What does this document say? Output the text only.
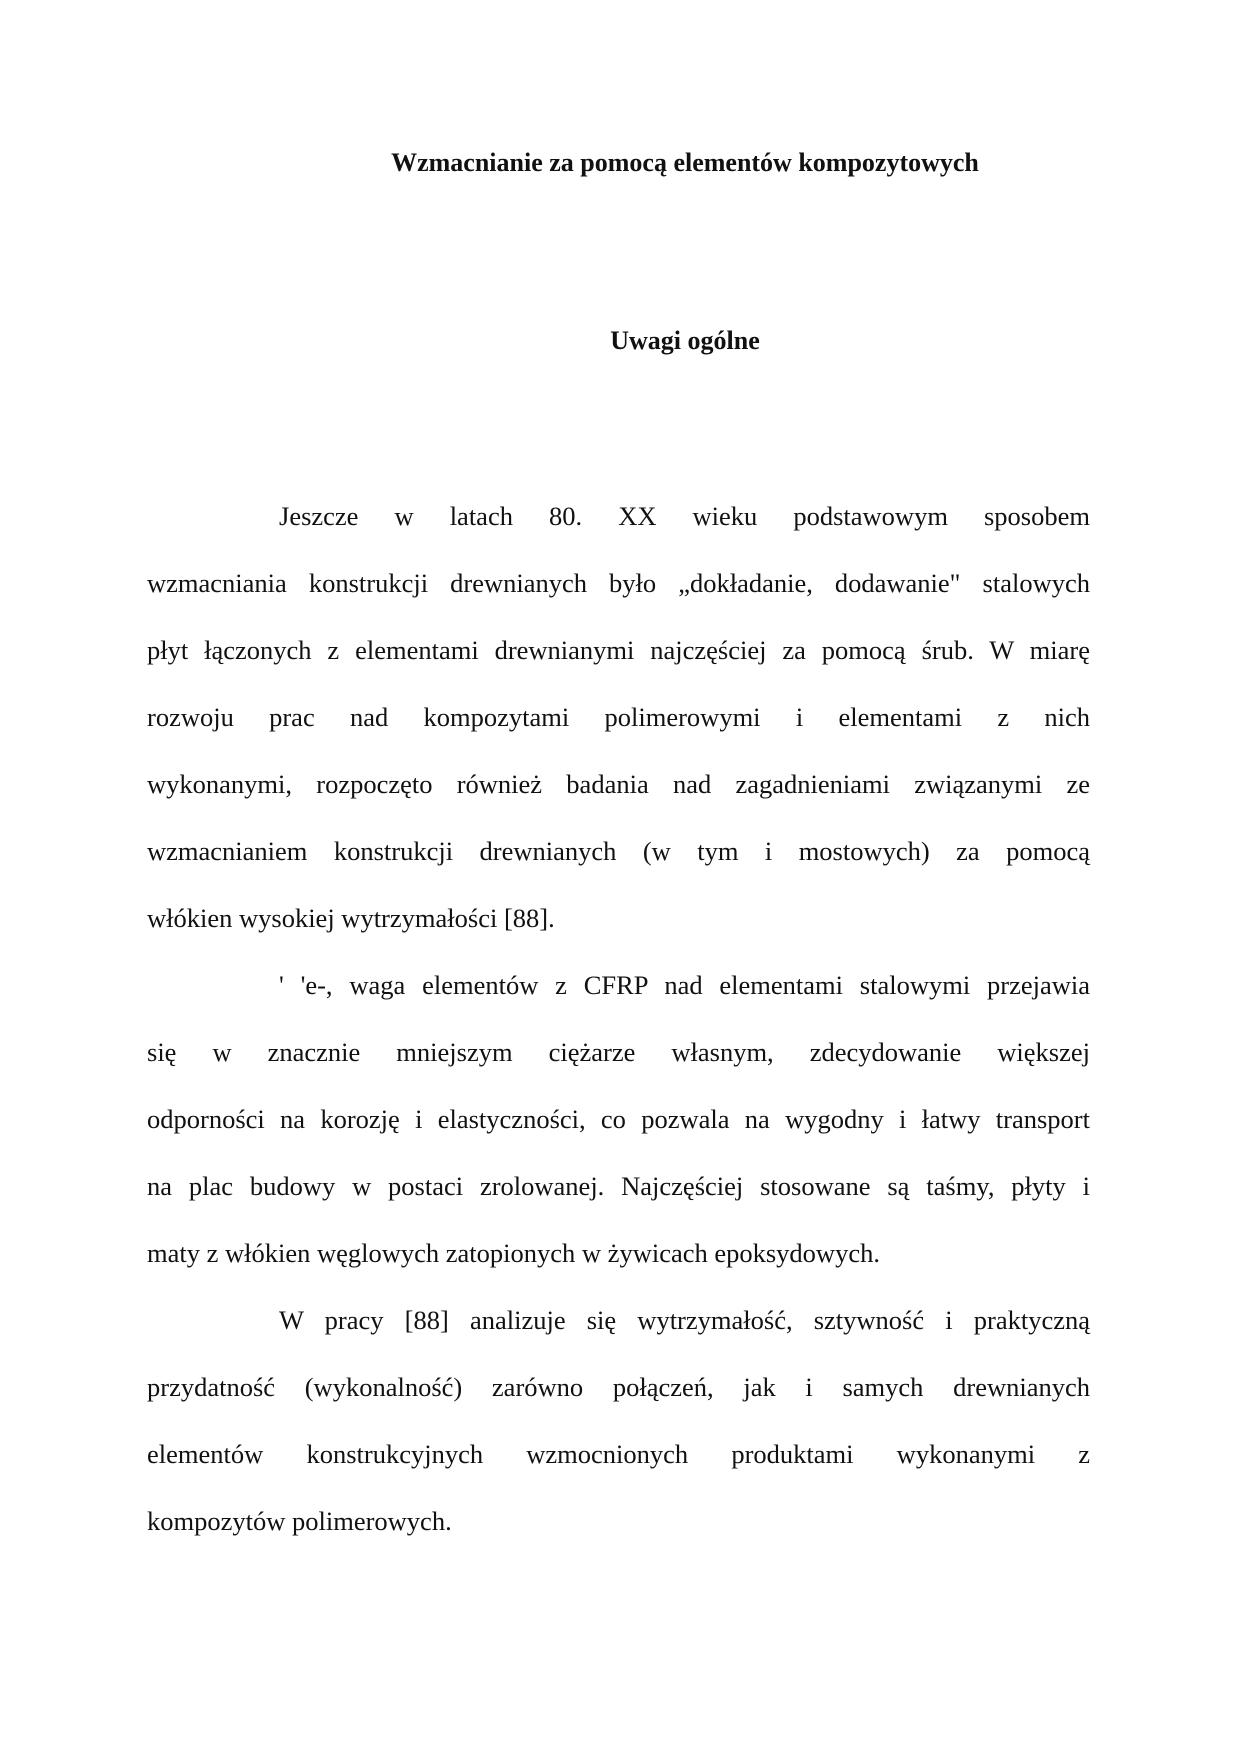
Wzmacnianie za pomocą elementów kompozytowych
Uwagi ogólne
Jeszcze w latach 80. XX wieku podstawowym sposobem
wzmacniania konstrukcji drewnianych było „dokładanie, dodawanie" stalowych
płyt łączonych z elementami drewnianymi najczęściej za pomocą śrub. W miarę
rozwoju prac nad kompozytami polimerowymi i elementami z nich
wykonanymi, rozpoczęto również badania nad zagadnieniami związanymi ze
wzmacnianiem konstrukcji drewnianych (w tym i mostowych) za pomocą
włókien wysokiej wytrzymałości [88].
' 'e-, waga elementów z CFRP nad elementami stalowymi przejawia
się w znacznie mniejszym ciężarze własnym, zdecydowanie większej
odporności na korozję i elastyczności, co pozwala na wygodny i łatwy transport
na plac budowy w postaci zrolowanej. Najczęściej stosowane są taśmy, płyty i
maty z włókien węglowych zatopionych w żywicach epoksydowych.
W pracy [88] analizuje się wytrzymałość, sztywność i praktyczną
przydatność (wykonalność) zarówno połączeń, jak i samych drewnianych
elementów konstrukcyjnych wzmocnionych produktami wykonanymi z
kompozytów polimerowych.
